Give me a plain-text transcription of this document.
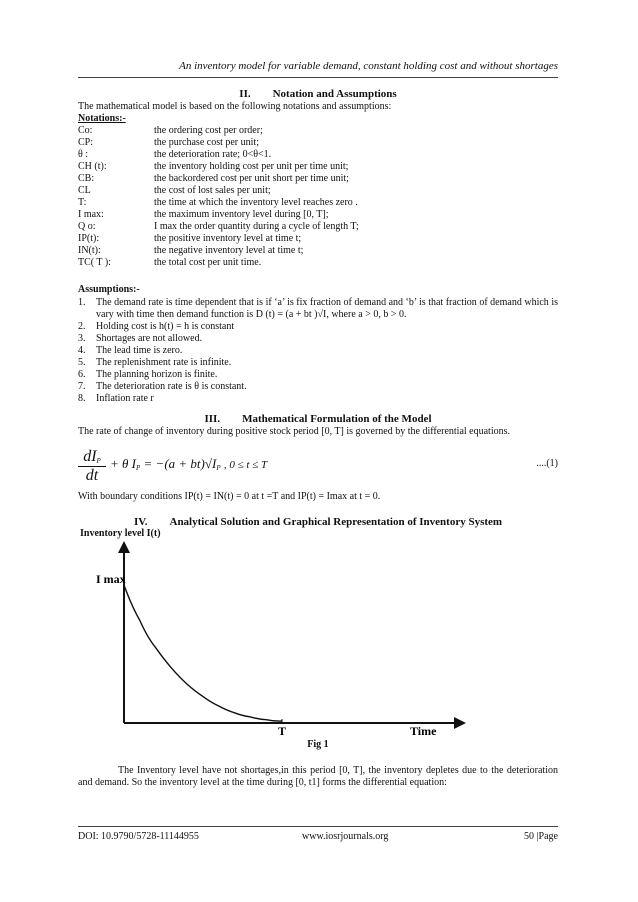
An inventory model for variable demand, constant holding cost and without shortages
II. Notation and Assumptions
The mathematical model is based on the following notations and assumptions:
Notations:-
Co:	the ordering cost per order;
CP:	the purchase cost per unit;
θ :	the deterioration rate; 0<θ<1.
CH (t):	the inventory holding cost per unit per time unit;
CB:	the backordered cost per unit short per time unit;
CL	the cost of lost sales per unit;
T:	the time at which the inventory level reaches zero .
I max:	the maximum inventory level during [0, T];
Q o:	I max the order quantity during a cycle of length T;
IP(t):	the positive inventory level at time t;
IN(t):	the negative inventory level at time t;
TC( T ):	the total cost per unit time.
Assumptions:-
1. The demand rate is time dependent that is if ‘a’ is fix fraction of demand and ‘b’ is that fraction of demand which is vary with time then demand function is D (t) = (a + bt )√I, where a > 0, b > 0.
2. Holding cost is h(t) = h is constant
3. Shortages are not allowed.
4. The lead time is zero.
5. The replenishment rate is infinite.
6. The planning horizon is finite.
7. The deterioration rate is θ is constant.
8. Inflation rate r
III. Mathematical Formulation of the Model
The rate of change of inventory during positive stock period [0, T] is governed by the differential equations.
$dI_P$
dt
+ θ $I_P = -(a + bt)√I_P$ , 0 ≤ t ≤ T	....(1)
With boundary conditions IP(t) = IN(t) = 0 at t =T and IP(t) = Imax at t = 0.
IV. Analytical Solution and Graphical Representation of Inventory System
Inventory level I(t)
I max
T	Time
Fig 1
The Inventory level have not shortages,in this period [0, T], the inventory depletes due to the deterioration and demand. So the inventory level at the time during [0, t1] forms the differential equation:
DOI: 10.9790/5728-11144955	www.iosrjournals.org	50 |Page
